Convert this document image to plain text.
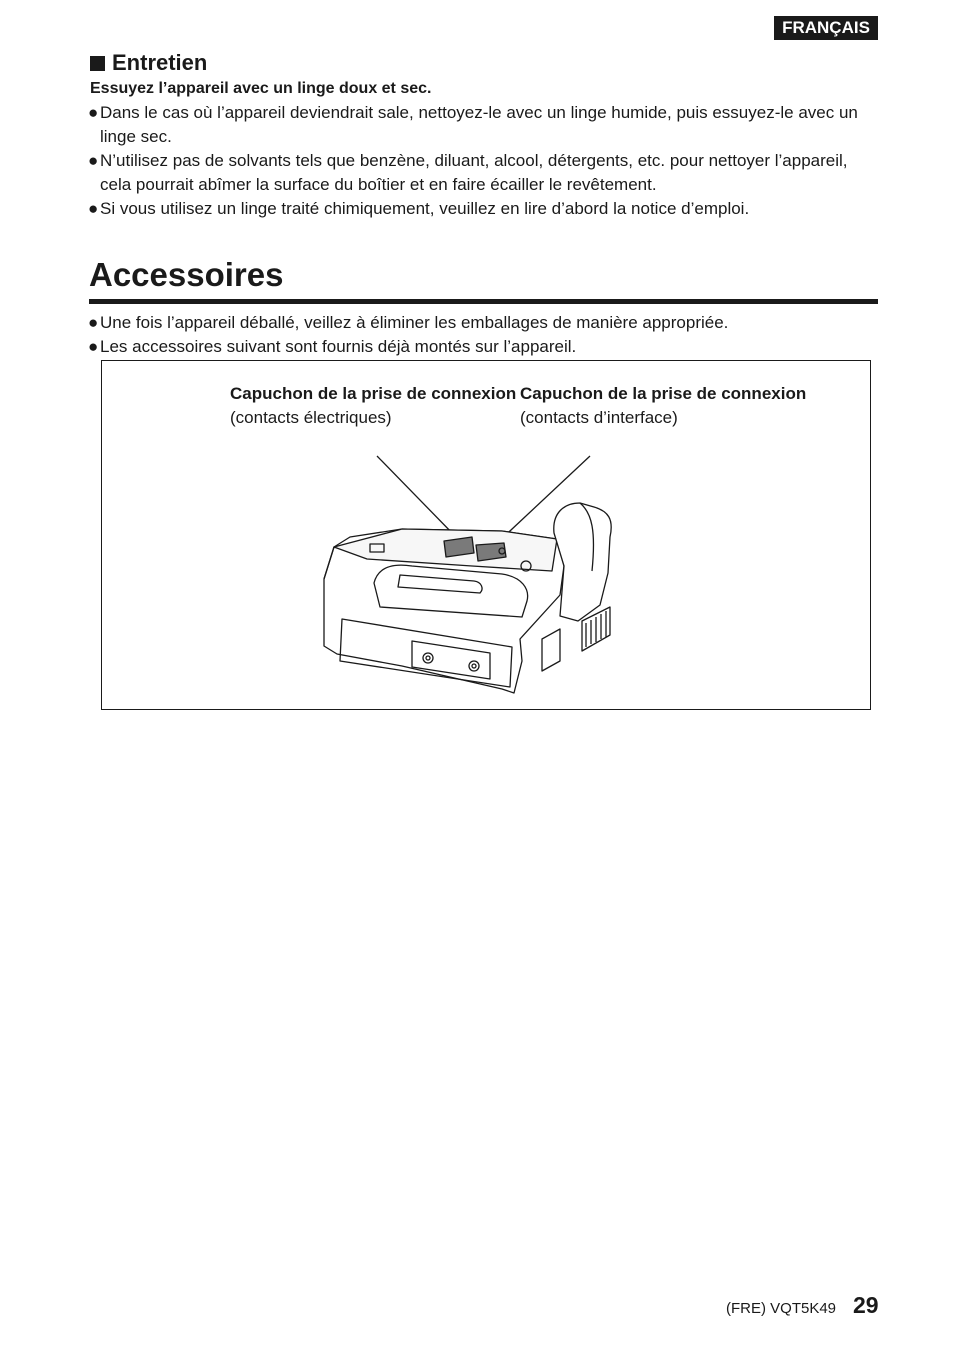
FRANÇAIS
Entretien
Essuyez l’appareil avec un linge doux et sec.
● Dans le cas où l’appareil deviendrait sale, nettoyez-le avec un linge humide, puis essuyez-le avec un linge sec.
● N’utilisez pas de solvants tels que benzène, diluant, alcool, détergents, etc. pour nettoyer l’appareil, cela pourrait abîmer la surface du boîtier et en faire écailler le revêtement.
● Si vous utilisez un linge traité chimiquement, veuillez en lire d’abord la notice d’emploi.
Accessoires
● Une fois l’appareil déballé, veillez à éliminer les emballages de manière appropriée.
● Les accessoires suivant sont fournis déjà montés sur l’appareil.
Capuchon de la prise de connexion
(contacts électriques)
Capuchon de la prise de connexion
(contacts d’interface)
(FRE) VQT5K49 29
